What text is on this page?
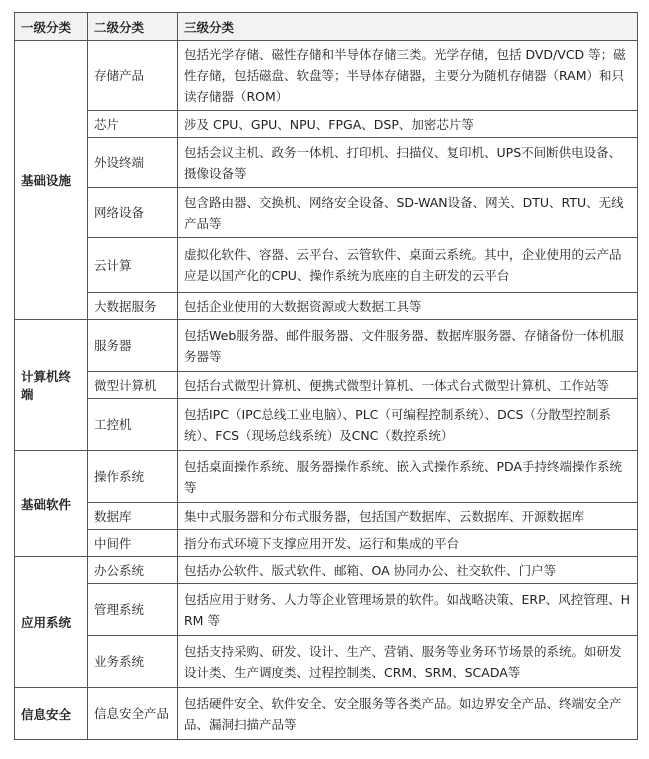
一级分类	二级分类	三级分类
基础设施	存储产品	包括光学存储、磁性存储和半导体存储三类。光学存储，包括 DVD/VCD 等；磁性存储，包括磁盘、软盘等；半导体存储器，主要分为随机存储器（RAM）和只读存储器（ROM）
	芯片	涉及 CPU、GPU、NPU、FPGA、DSP、加密芯片等
	外设终端	包括会议主机、政务一体机、打印机、扫描仪、复印机、UPS不间断供电设备、摄像设备等
	网络设备	包含路由器、交换机、网络安全设备、SD-WAN设备、网关、DTU、RTU、无线产品等
	云计算	虚拟化软件、容器、云平台、云管软件、桌面云系统。其中，企业使用的云产品应是以国产化的CPU、操作系统为底座的自主研发的云平台
	大数据服务	包括企业使用的大数据资源或大数据工具等
计算机终端	服务器	包括Web服务器、邮件服务器、文件服务器、数据库服务器、存储备份一体机服务器等
	微型计算机	包括台式微型计算机、便携式微型计算机、一体式台式微型计算机、工作站等
	工控机	包括IPC（IPC总线工业电脑）、PLC（可编程控制系统）、DCS（分散型控制系统）、FCS（现场总线系统）及CNC（数控系统）
基础软件	操作系统	包括桌面操作系统、服务器操作系统、嵌入式操作系统、PDA手持终端操作系统等
	数据库	集中式服务器和分布式服务器，包括国产数据库、云数据库、开源数据库
	中间件	指分布式环境下支撑应用开发、运行和集成的平台
应用系统	办公系统	包括办公软件、版式软件、邮箱、OA 协同办公、社交软件、门户等
	管理系统	包括应用于财务、人力等企业管理场景的软件。如战略决策、ERP、风控管理、HRM 等
	业务系统	包括支持采购、研发、设计、生产、营销、服务等业务环节场景的系统。如研发设计类、生产调度类、过程控制类、CRM、SRM、SCADA等
信息安全	信息安全产品	包括硬件安全、软件安全、安全服务等各类产品。如边界安全产品、终端安全产品、漏洞扫描产品等
